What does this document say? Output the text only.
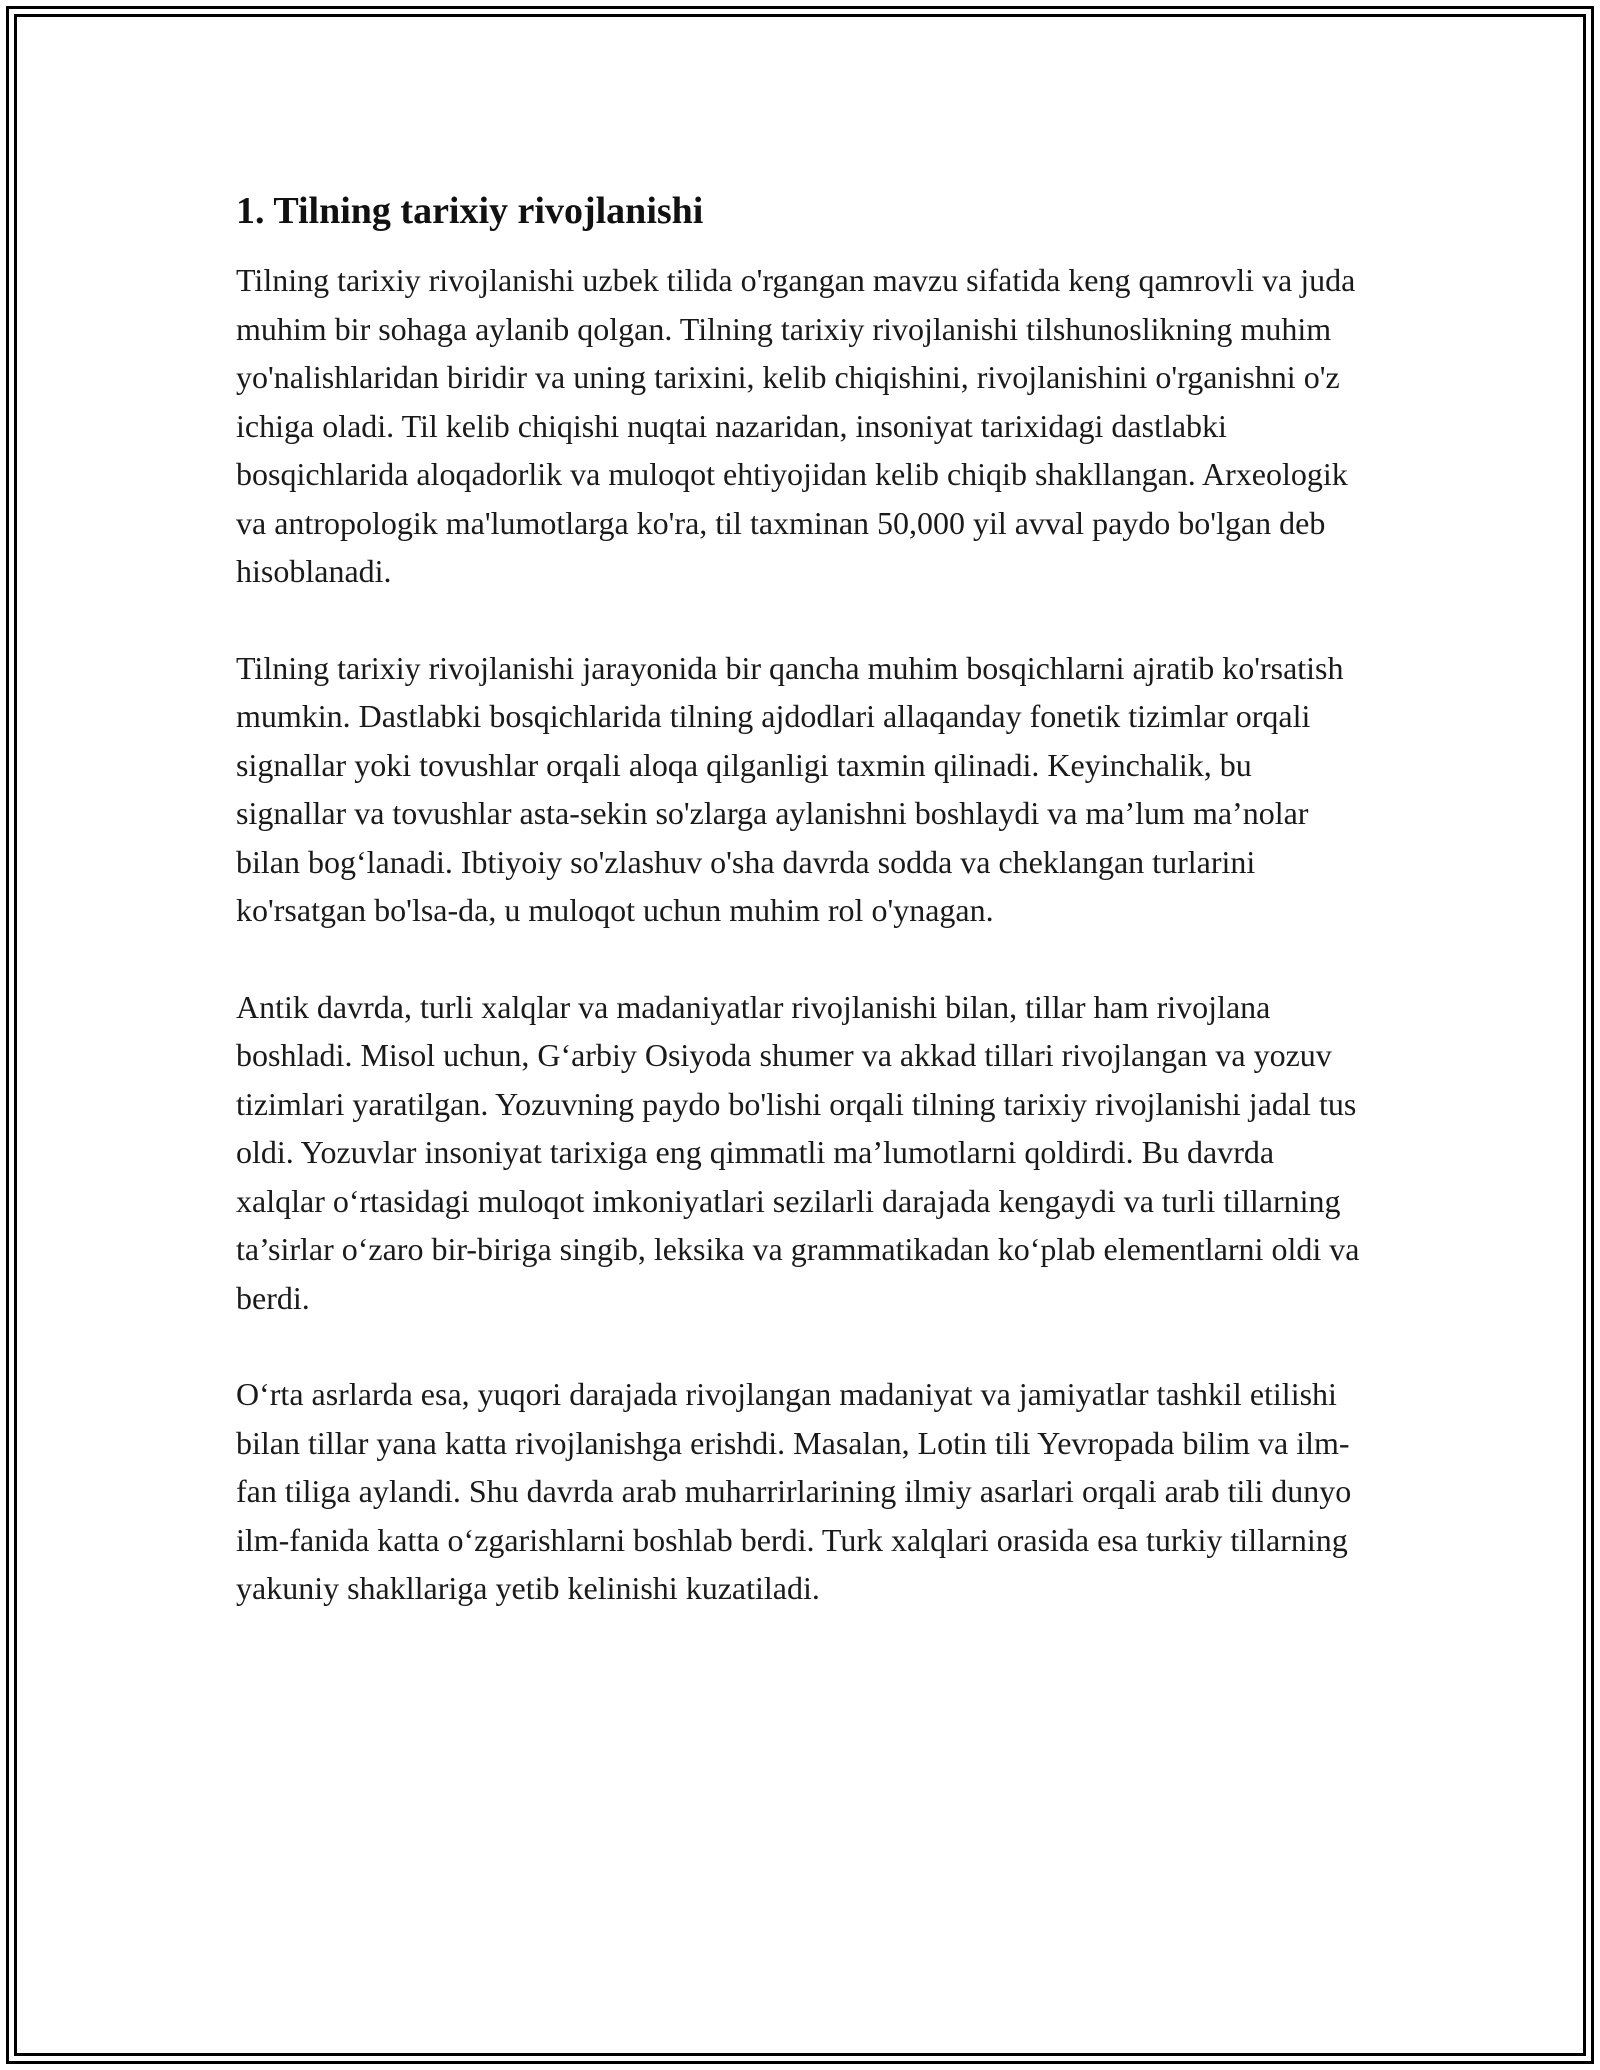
1. Tilning tarixiy rivojlanishi

Tilning tarixiy rivojlanishi uzbek tilida o'rgangan mavzu sifatida keng qamrovli va juda muhim bir sohaga aylanib qolgan. Tilning tarixiy rivojlanishi tilshunoslikning muhim yo'nalishlaridan biridir va uning tarixini, kelib chiqishini, rivojlanishini o'rganishni o'z ichiga oladi. Til kelib chiqishi nuqtai nazaridan, insoniyat tarixidagi dastlabki bosqichlarida aloqadorlik va muloqot ehtiyojidan kelib chiqib shakllangan. Arxeologik va antropologik ma'lumotlarga ko'ra, til taxminan 50,000 yil avval paydo bo'lgan deb hisoblanadi.

Tilning tarixiy rivojlanishi jarayonida bir qancha muhim bosqichlarni ajratib ko'rsatish mumkin. Dastlabki bosqichlarida tilning ajdodlari allaqanday fonetik tizimlar orqali signallar yoki tovushlar orqali aloqa qilganligi taxmin qilinadi. Keyinchalik, bu signallar va tovushlar asta-sekin so'zlarga aylanishni boshlaydi va ma’lum ma’nolar bilan bog‘lanadi. Ibtiyoiy so'zlashuv o'sha davrda sodda va cheklangan turlarini ko'rsatgan bo'lsa-da, u muloqot uchun muhim rol o'ynagan.

Antik davrda, turli xalqlar va madaniyatlar rivojlanishi bilan, tillar ham rivojlana boshladi. Misol uchun, G‘arbiy Osiyoda shumer va akkad tillari rivojlangan va yozuv tizimlari yaratilgan. Yozuvning paydo bo'lishi orqali tilning tarixiy rivojlanishi jadal tus oldi. Yozuvlar insoniyat tarixiga eng qimmatli ma’lumotlarni qoldirdi. Bu davrda xalqlar o‘rtasidagi muloqot imkoniyatlari sezilarli darajada kengaydi va turli tillarning ta’sirlar o‘zaro bir-biriga singib, leksika va grammatikadan ko‘plab elementlarni oldi va berdi.

O‘rta asrlarda esa, yuqori darajada rivojlangan madaniyat va jamiyatlar tashkil etilishi bilan tillar yana katta rivojlanishga erishdi. Masalan, Lotin tili Yevropada bilim va ilm-fan tiliga aylandi. Shu davrda arab muharrirlarining ilmiy asarlari orqali arab tili dunyo ilm-fanida katta o‘zgarishlarni boshlab berdi. Turk xalqlari orasida esa turkiy tillarning yakuniy shakllariga yetib kelinishi kuzatiladi.
